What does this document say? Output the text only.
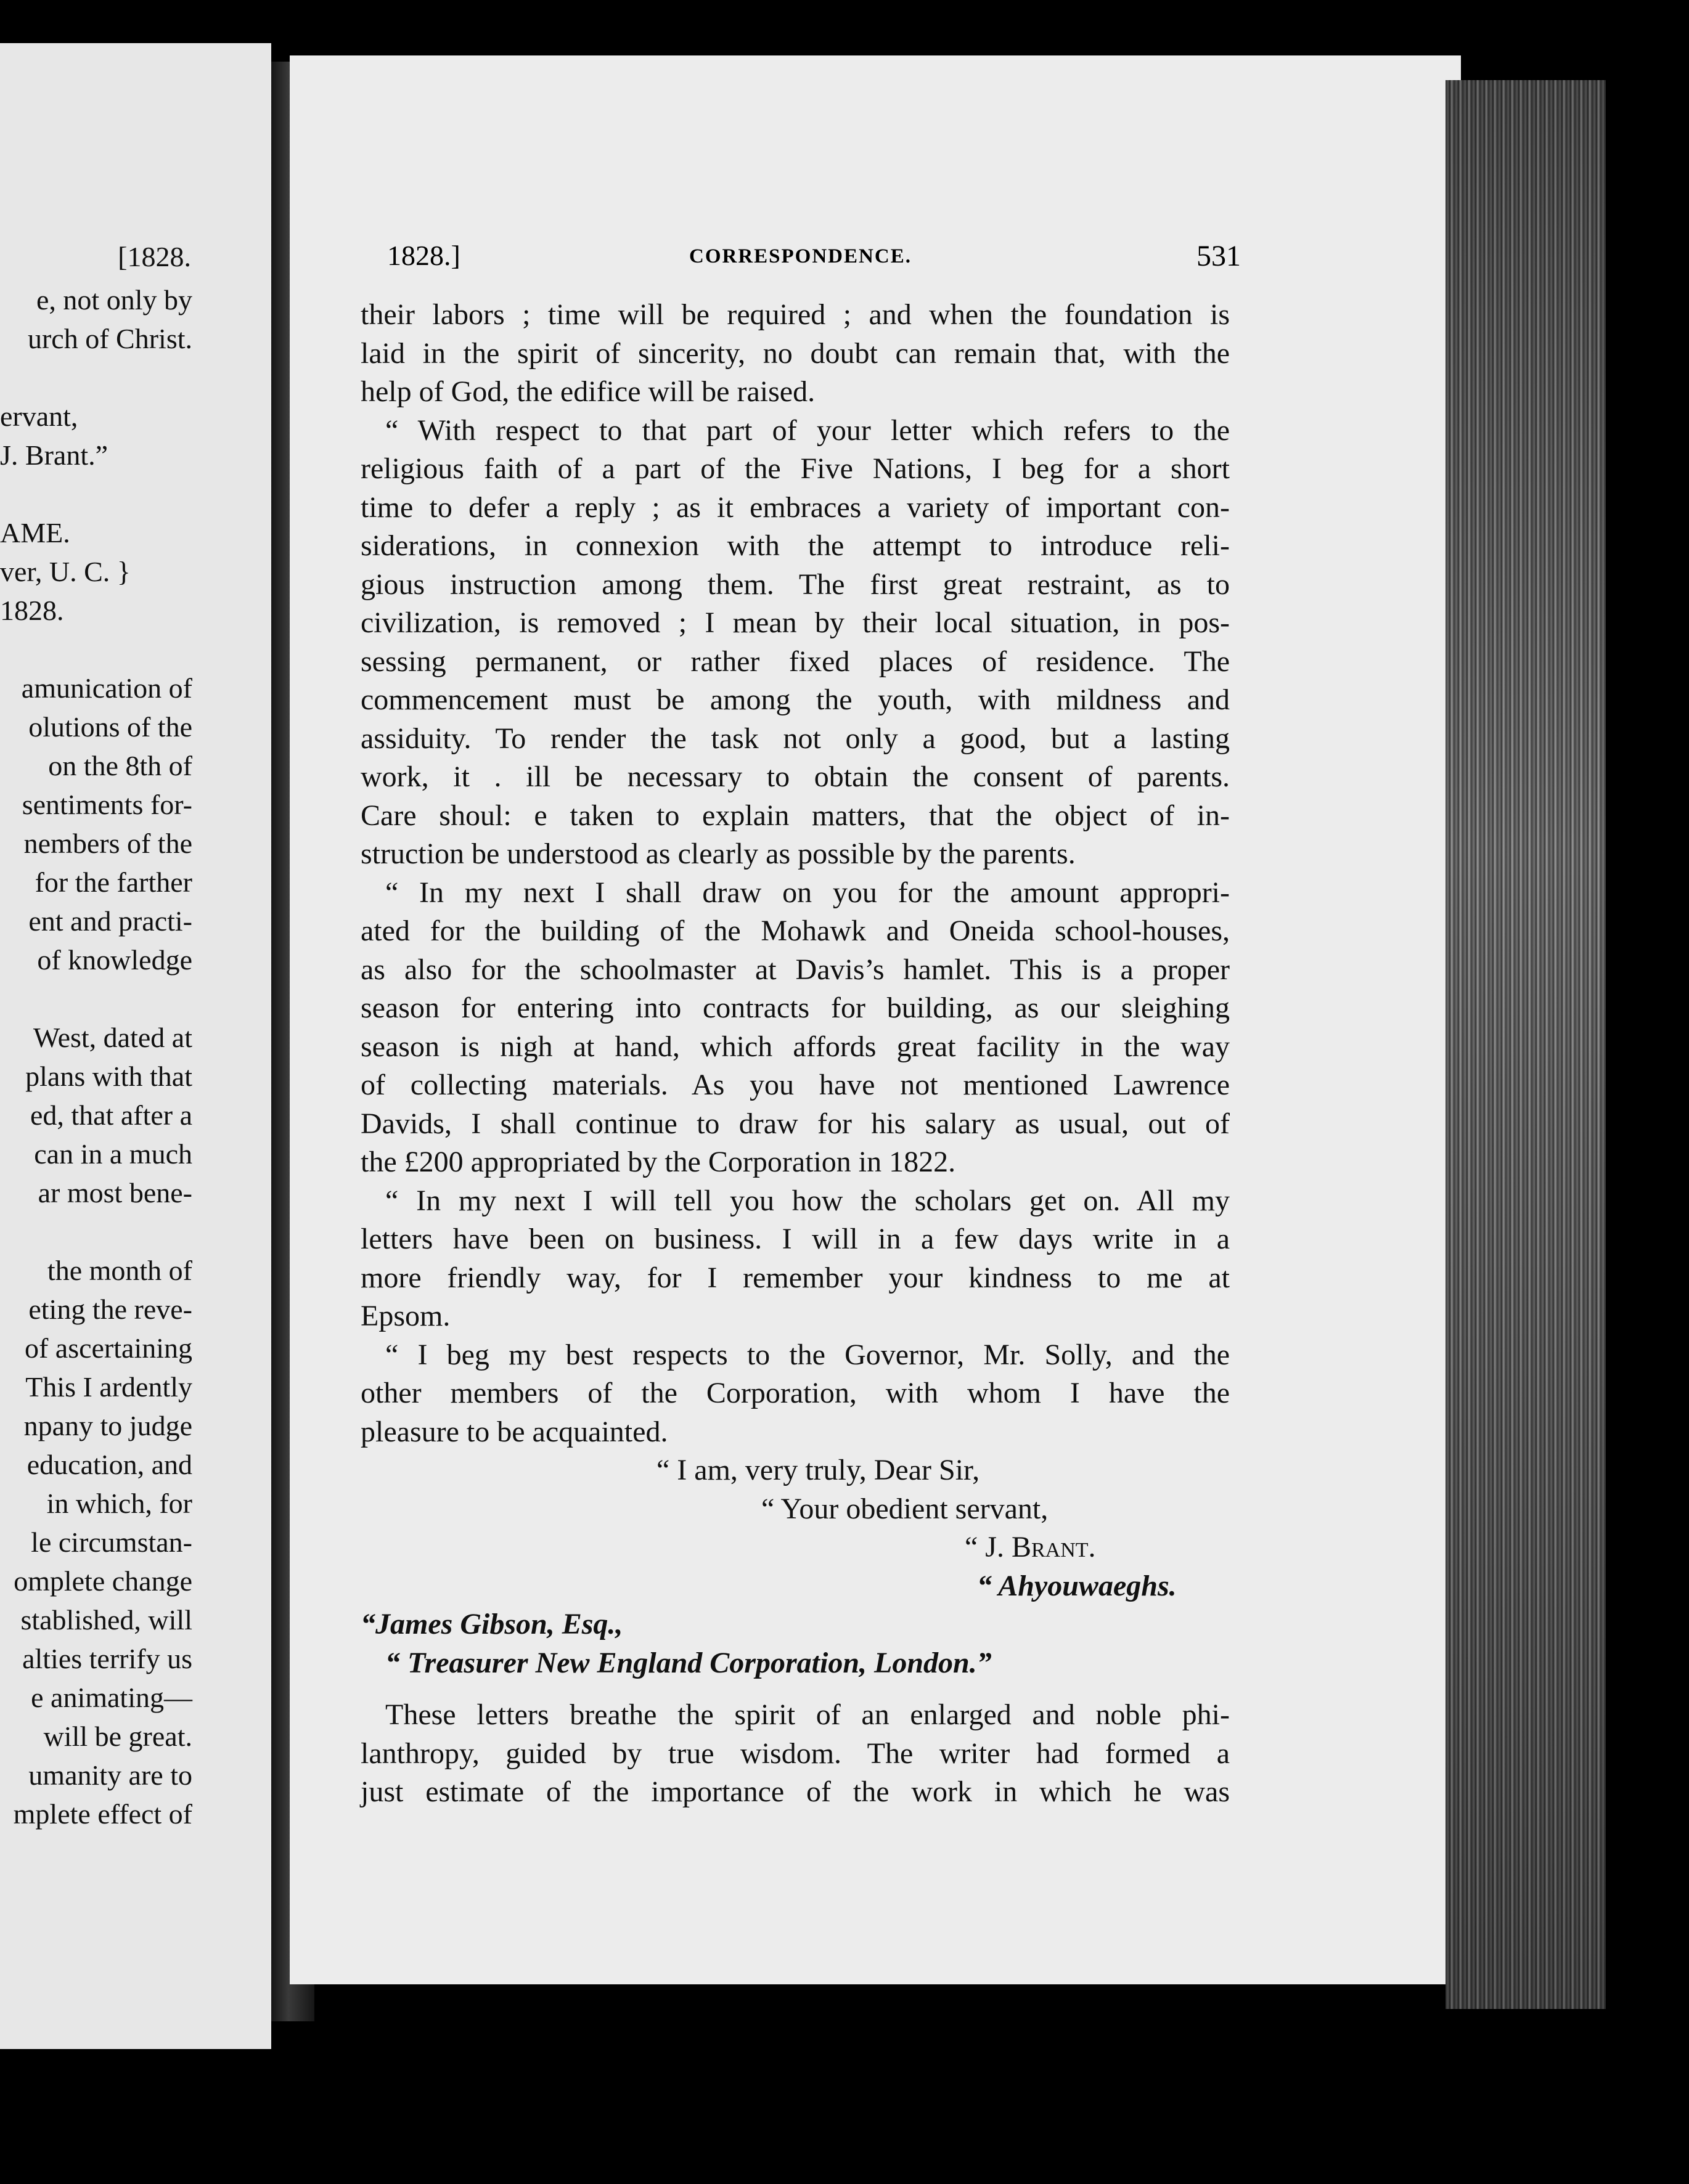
[1828.
e, not only by
urch of Christ.
ervant,
J. Brant.”
AME.
ver, U. C. }
1828.
amunication of
olutions of the
on the 8th of
sentiments for-
nembers of the
for the farther
ent and practi-
of knowledge
West, dated at
plans with that
ed, that after a
can in a much
ar most bene-
the month of
eting the reve-
of ascertaining
This I ardently
npany to judge
education, and
in which, for
le circumstan-
omplete change
stablished, will
alties terrify us
e animating—
will be great.
umanity are to
mplete effect of
1828.]	CORRESPONDENCE.	531
their labors ; time will be required ; and when the foundation is
laid in the spirit of sincerity, no doubt can remain that, with the
help of God, the edifice will be raised.
“ With respect to that part of your letter which refers to the
religious faith of a part of the Five Nations, I beg for a short
time to defer a reply ; as it embraces a variety of important con-
siderations, in connexion with the attempt to introduce reli-
gious instruction among them. The first great restraint, as to
civilization, is removed ; I mean by their local situation, in pos-
sessing permanent, or rather fixed places of residence. The
commencement must be among the youth, with mildness and
assiduity. To render the task not only a good, but a lasting
work, it . ill be necessary to obtain the consent of parents.
Care shoul: e taken to explain matters, that the object of in-
struction be understood as clearly as possible by the parents.
“ In my next I shall draw on you for the amount appropri-
ated for the building of the Mohawk and Oneida school-houses,
as also for the schoolmaster at Davis’s hamlet. This is a proper
season for entering into contracts for building, as our sleighing
season is nigh at hand, which affords great facility in the way
of collecting materials. As you have not mentioned Lawrence
Davids, I shall continue to draw for his salary as usual, out of
the £200 appropriated by the Corporation in 1822.
“ In my next I will tell you how the scholars get on. All my
letters have been on business. I will in a few days write in a
more friendly way, for I remember your kindness to me at
Epsom.
“ I beg my best respects to the Governor, Mr. Solly, and the
other members of the Corporation, with whom I have the
pleasure to be acquainted.
“ I am, very truly, Dear Sir,
“ Your obedient servant,
“ J. Brant.
“ Ahyouwaeghs.
“James Gibson, Esq.,
“ Treasurer New England Corporation, London.”
These letters breathe the spirit of an enlarged and noble phi-
lanthropy, guided by true wisdom. The writer had formed a
just estimate of the importance of the work in which he was
